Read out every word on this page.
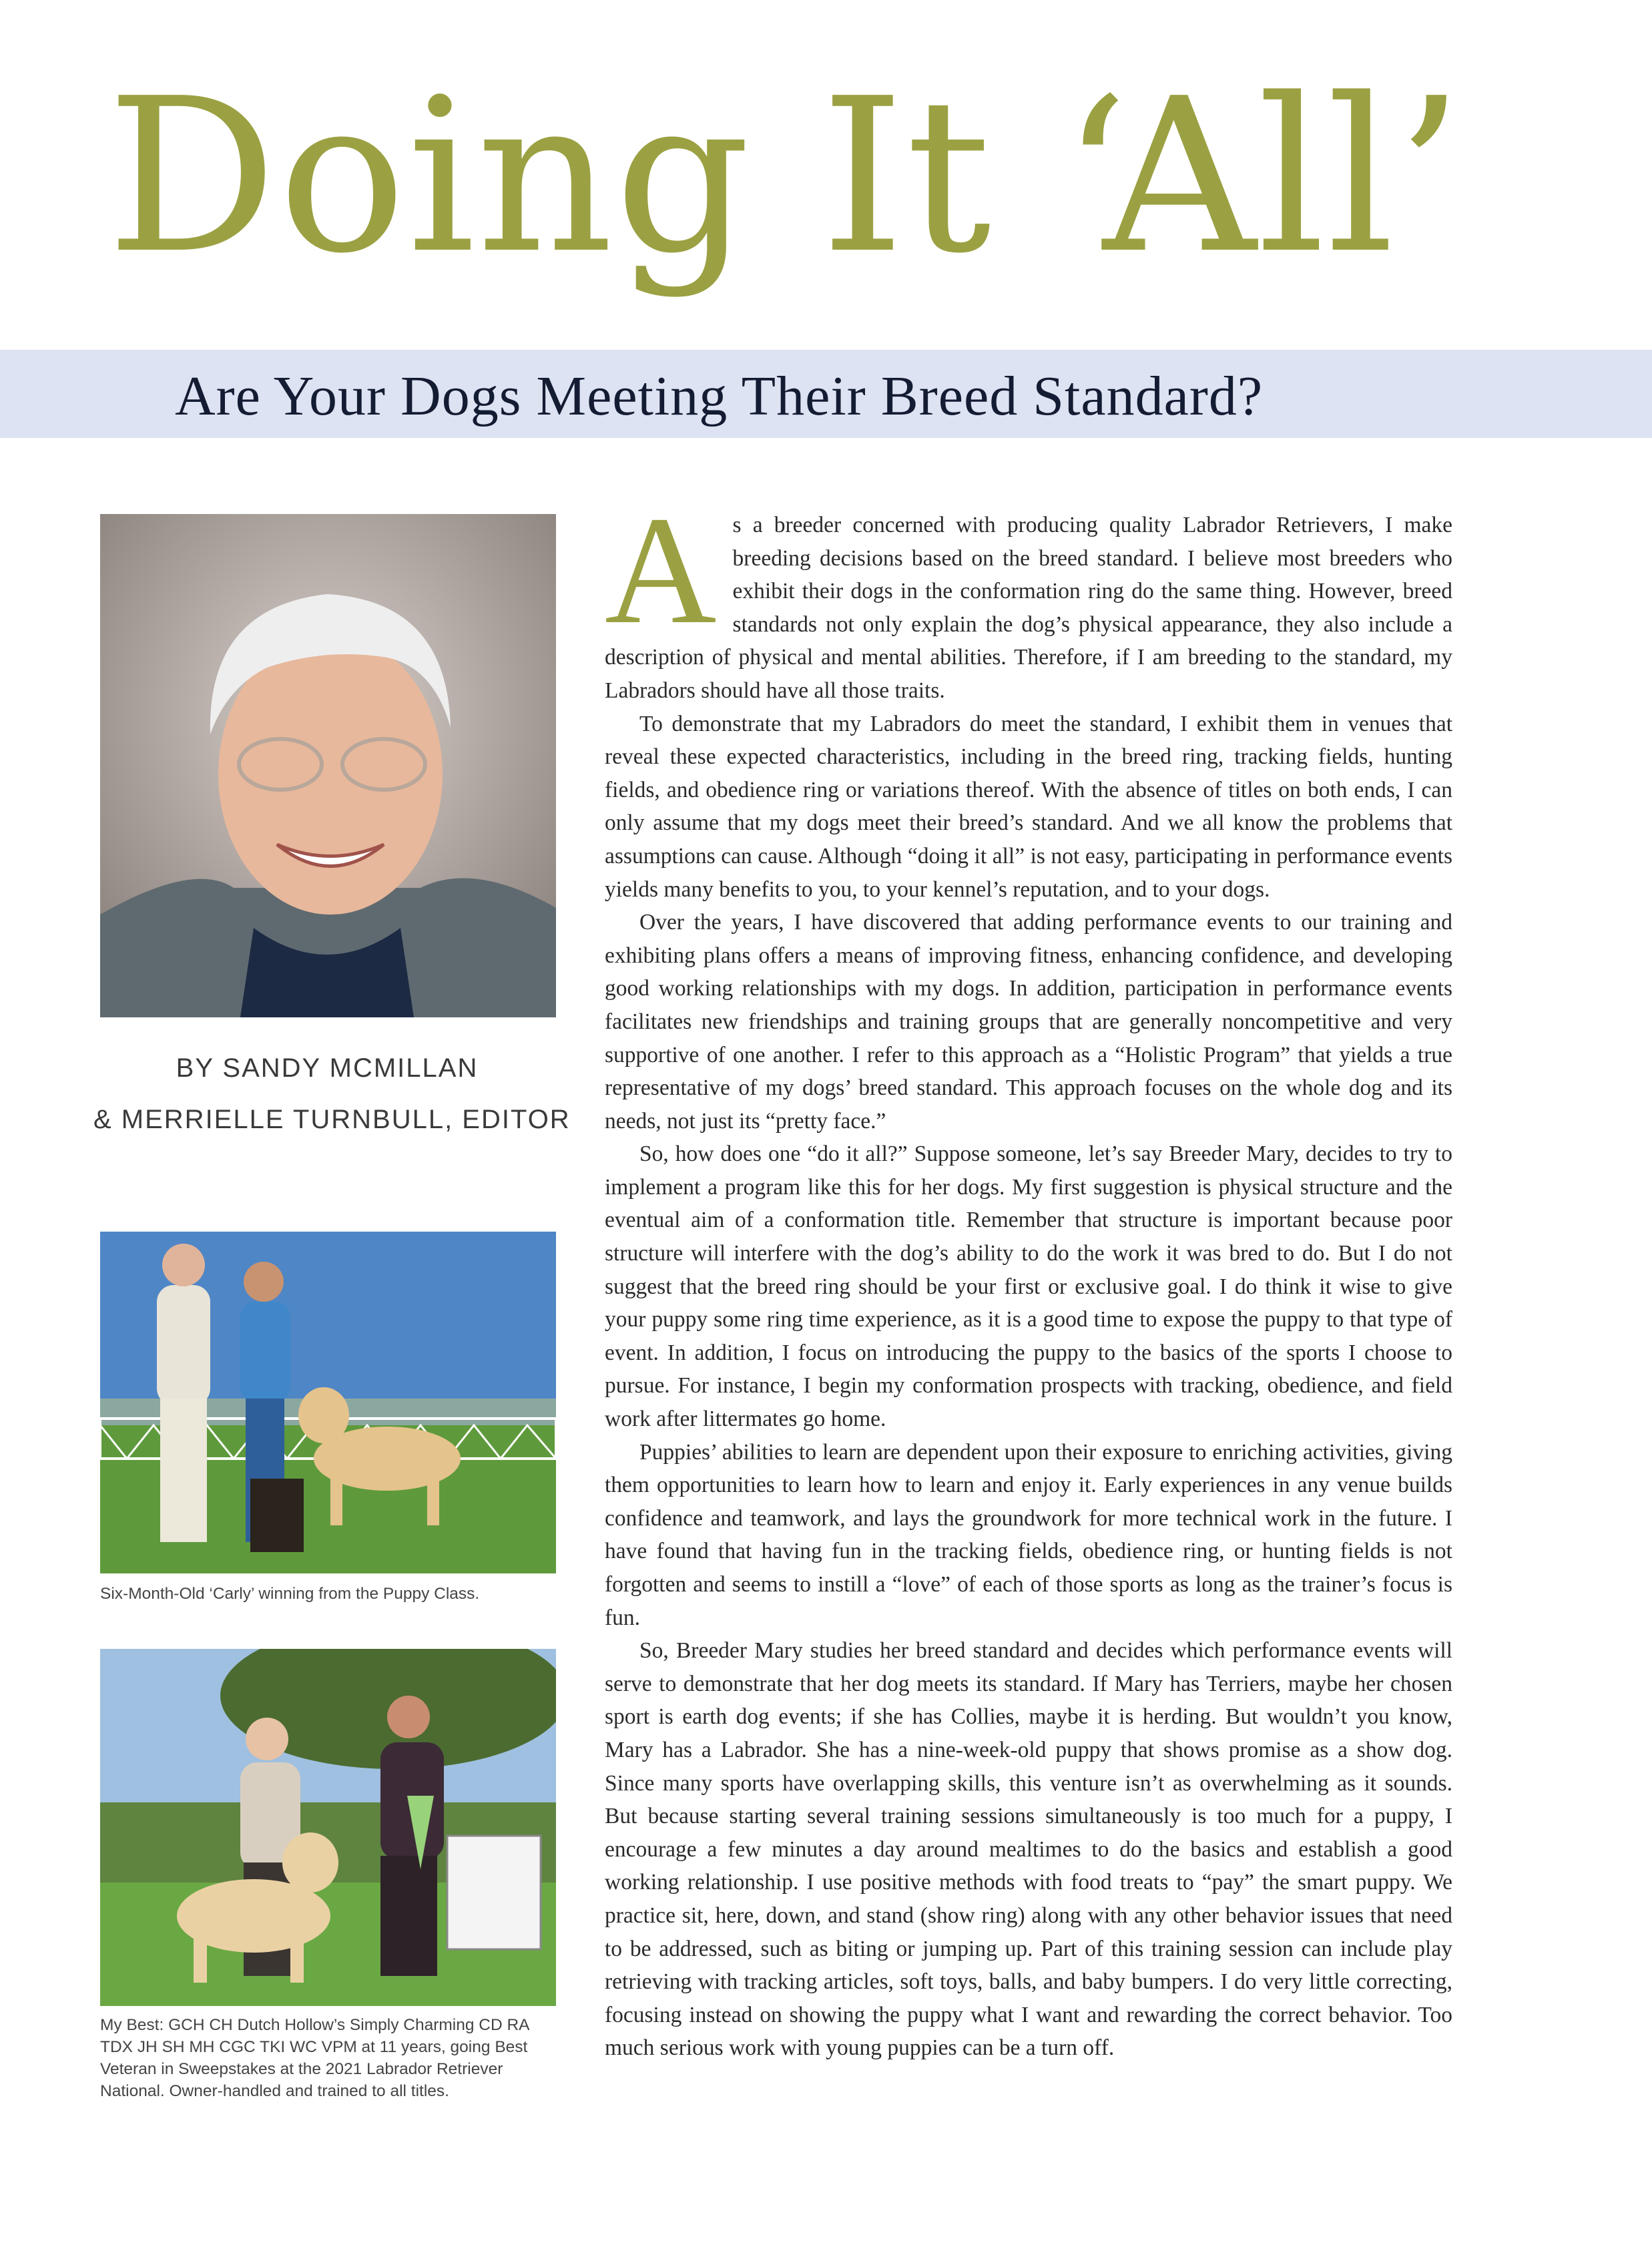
Doing It ‘All’
Are Your Dogs Meeting Their Breed Standard?

BY SANDY MCMILLAN

& MERRIELLE TURNBULL, EDITOR

Six-Month-Old ‘Carly’ winning from the Puppy Class.

My Best: GCH CH Dutch Hollow’s Simply Charming CD RA TDX JH SH MH CGC TKI WC VPM at 11 years, going Best Veteran in Sweepstakes at the 2021 Labrador Retriever National. Owner-handled and trained to all titles.

As a breeder concerned with producing quality Labrador Retrievers, I make breeding decisions based on the breed standard. I believe most breeders who exhibit their dogs in the conformation ring do the same thing. However, breed standards not only explain the dog’s physical appearance, they also include a description of physical and mental abilities. Therefore, if I am breeding to the standard, my Labradors should have all those traits.

To demonstrate that my Labradors do meet the standard, I exhibit them in venues that reveal these expected characteristics, including in the breed ring, tracking fields, hunting fields, and obedience ring or variations thereof. With the absence of titles on both ends, I can only assume that my dogs meet their breed’s standard. And we all know the problems that assumptions can cause. Although “doing it all” is not easy, participating in performance events yields many benefits to you, to your kennel’s reputation, and to your dogs.

Over the years, I have discovered that adding performance events to our training and exhibiting plans offers a means of improving fitness, enhancing confidence, and developing good working relationships with my dogs. In addition, participation in performance events facilitates new friendships and training groups that are generally noncompetitive and very supportive of one another. I refer to this approach as a “Holistic Program” that yields a true representative of my dogs’ breed standard. This approach focuses on the whole dog and its needs, not just its “pretty face.”

So, how does one “do it all?” Suppose someone, let’s say Breeder Mary, decides to try to implement a program like this for her dogs. My first suggestion is physical structure and the eventual aim of a conformation title. Remember that structure is important because poor structure will interfere with the dog’s ability to do the work it was bred to do. But I do not suggest that the breed ring should be your first or exclusive goal. I do think it wise to give your puppy some ring time experience, as it is a good time to expose the puppy to that type of event. In addition, I focus on introducing the puppy to the basics of the sports I choose to pursue. For instance, I begin my conformation prospects with tracking, obedience, and field work after littermates go home.

Puppies’ abilities to learn are dependent upon their exposure to enriching activities, giving them opportunities to learn how to learn and enjoy it. Early experiences in any venue builds confidence and teamwork, and lays the groundwork for more technical work in the future. I have found that having fun in the tracking fields, obedience ring, or hunting fields is not forgotten and seems to instill a “love” of each of those sports as long as the trainer’s focus is fun.

So, Breeder Mary studies her breed standard and decides which performance events will serve to demonstrate that her dog meets its standard. If Mary has Terriers, maybe her chosen sport is earth dog events; if she has Collies, maybe it is herding. But wouldn’t you know, Mary has a Labrador. She has a nine-week-old puppy that shows promise as a show dog. Since many sports have overlapping skills, this venture isn’t as overwhelming as it sounds. But because starting several training sessions simultaneously is too much for a puppy, I encourage a few minutes a day around mealtimes to do the basics and establish a good working relationship. I use positive methods with food treats to “pay” the smart puppy. We practice sit, here, down, and stand (show ring) along with any other behavior issues that need to be addressed, such as biting or jumping up. Part of this training session can include play retrieving with tracking articles, soft toys, balls, and baby bumpers. I do very little correcting, focusing instead on showing the puppy what I want and rewarding the correct behavior. Too much serious work with young puppies can be a turn off.
